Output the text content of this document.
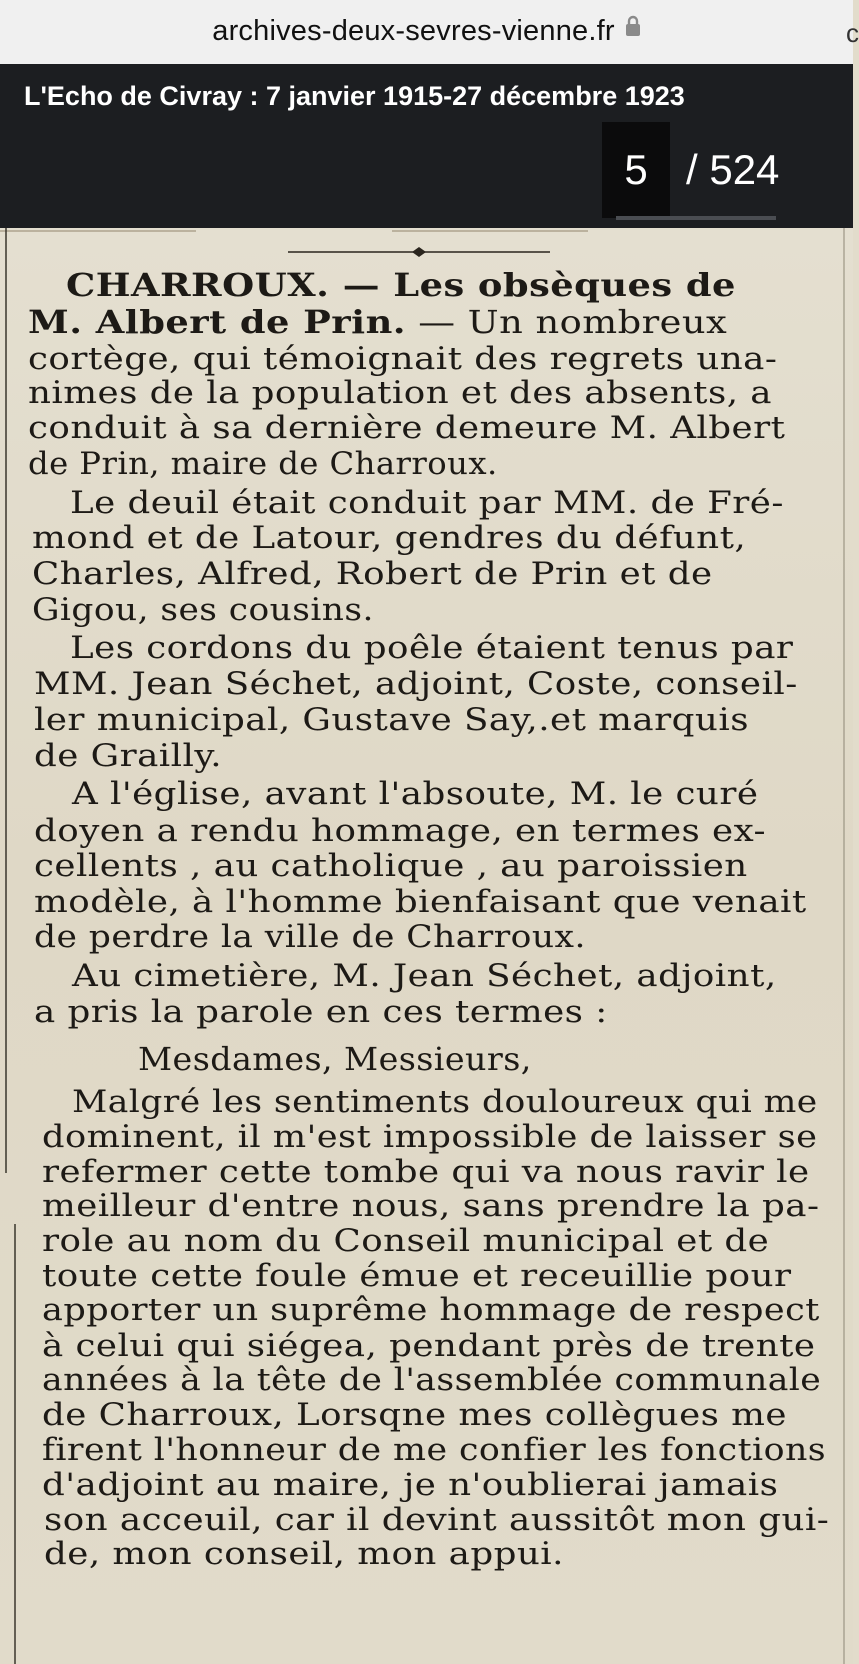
archives-deux-sevres-vienne.fr	c
L'Echo de Civray : 7 janvier 1915-27 décembre 1923
5 / 524
CHARROUX. — Les obsèques de
M. Albert de Prin. — Un nombreux
cortège, qui témoignait des regrets una-
nimes de la population et des absents, a
conduit à sa dernière demeure M. Albert
de Prin, maire de Charroux.
Le deuil était conduit par MM. de Fré-
mond et de Latour, gendres du défunt,
Charles, Alfred, Robert de Prin et de
Gigou, ses cousins.
Les cordons du poêle étaient tenus par
MM. Jean Séchet, adjoint, Coste, conseil-
ler municipal, Gustave Say,.et marquis
de Grailly.
A l'église, avant l'absoute, M. le curé
doyen a rendu hommage, en termes ex-
cellents , au catholique , au paroissien
modèle, à l'homme bienfaisant que venait
de perdre la ville de Charroux.
Au cimetière, M. Jean Séchet, adjoint,
a pris la parole en ces termes :
Mesdames, Messieurs,
Malgré les sentiments douloureux qui me
dominent, il m'est impossible de laisser se
refermer cette tombe qui va nous ravir le
meilleur d'entre nous, sans prendre la pa-
role au nom du Conseil municipal et de
toute cette foule émue et receuillie pour
apporter un suprême hommage de respect
à celui qui siégea, pendant près de trente
années à la tête de l'assemblée communale
de Charroux, Lorsqne mes collègues me
firent l'honneur de me confier les fonctions
d'adjoint au maire, je n'oublierai jamais
son acceuil, car il devint aussitôt mon gui-
de, mon conseil, mon appui.
